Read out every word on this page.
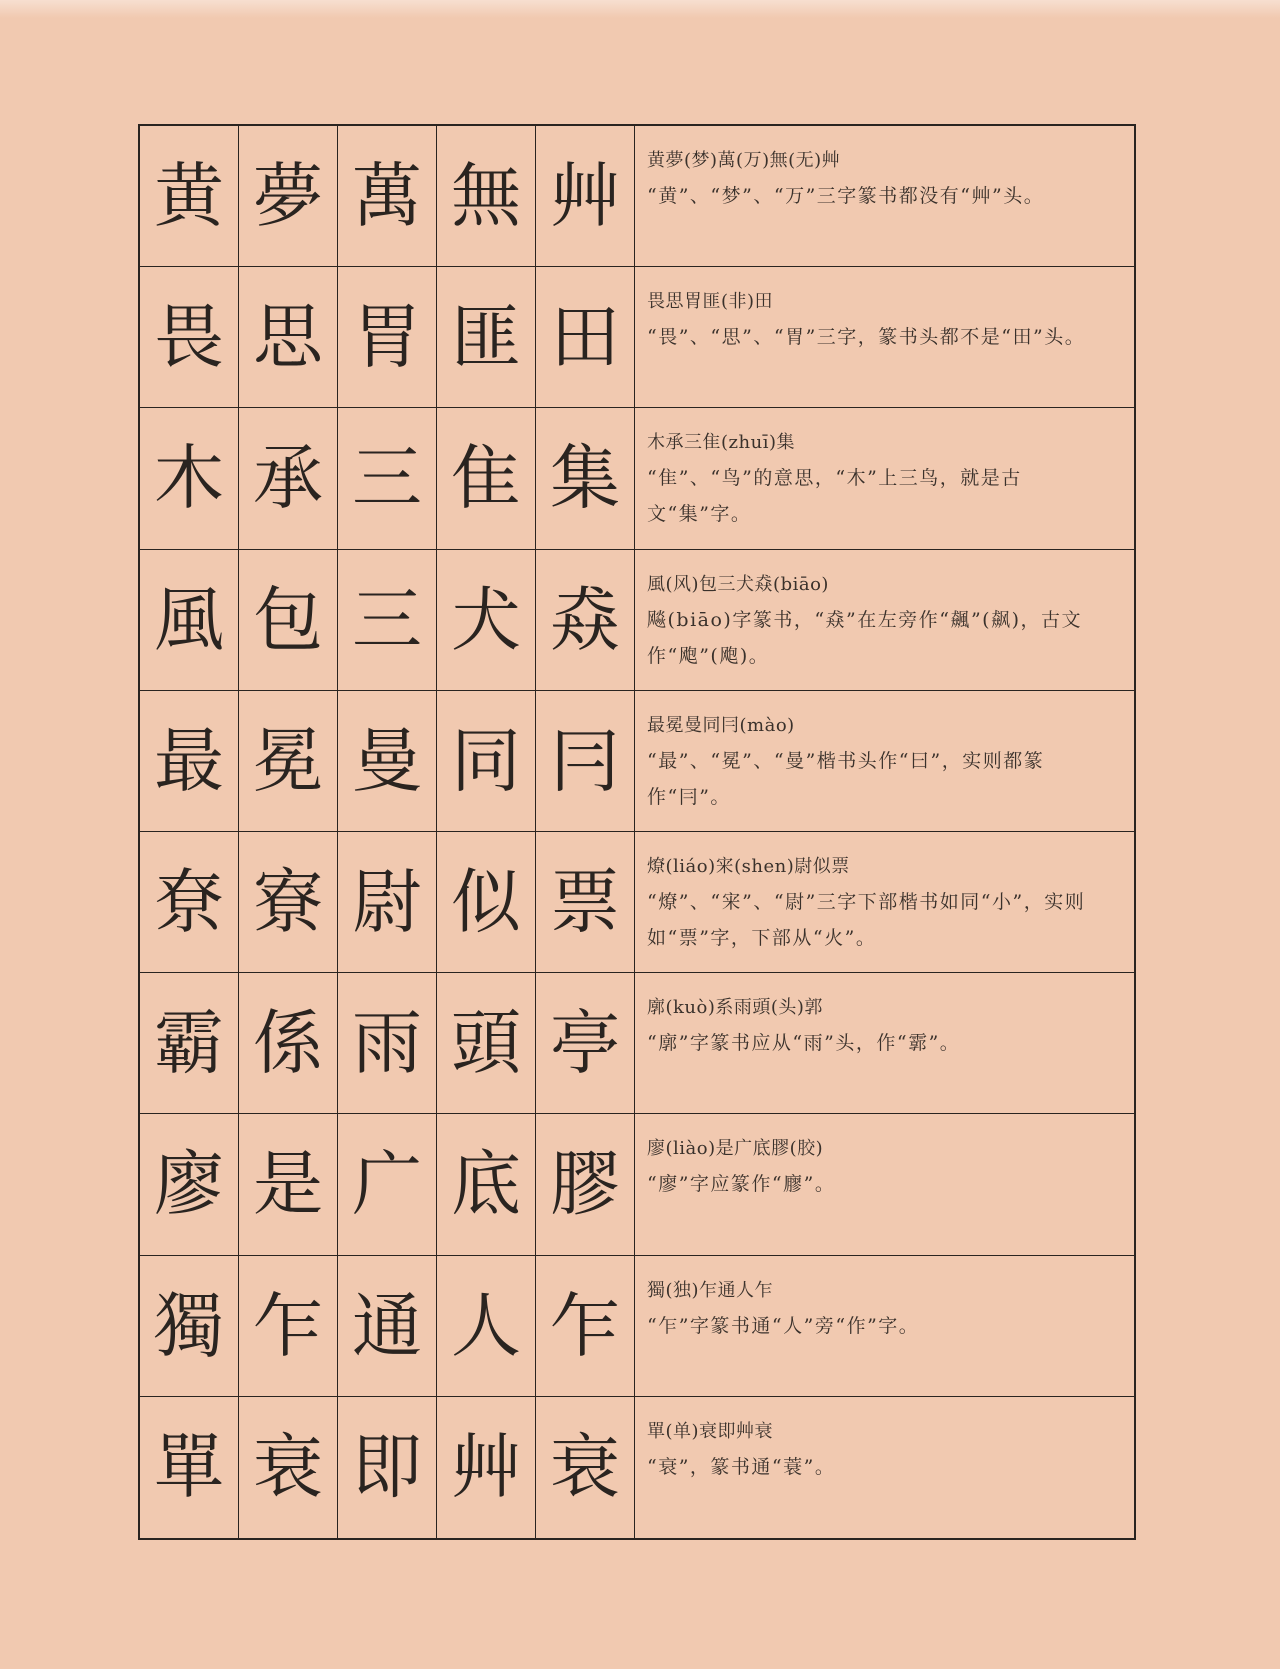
黄 夢 萬 無 艸	黄夢(梦)萬(万)無(无)艸
“黄”、“梦”、“万”三字篆书都没有“艸”头。
畏 思 胃 匪 田	畏思胃匪(非)田
“畏”、“思”、“胃”三字，篆书头都不是“田”头。
木 承 三 隹 集	木承三隹(zhuī)集
“隹”、“鸟”的意思，“木”上三鸟，就是古文“集”字。
風 包 三 犬 猋	風(风)包三犬猋(biāo)
飚(biāo)字篆书，“猋”在左旁作“飆”(飙)，古文作“飑”(飑)。
最 冕 曼 同 冃	最冕曼同冃(mào)
“最”、“冕”、“曼”楷书头作“曰”，实则都篆作“冃”。
尞 寮 尉 似 票	燎(liáo)宩(shen)尉似票
“燎”、“宩”、“尉”三字下部楷书如同“小”，实则如“票”字，下部从“火”。
霸 係 雨 頭 亭	廓(kuò)系雨頭(头)郭
“廓”字篆书应从“雨”头，作“霩”。
廖 是 广 底 膠	廖(liào)是广底膠(胶)
“廖”字应篆作“廫”。
獨 乍 通 人 乍	獨(独)乍通人乍
“乍”字篆书通“人”旁“作”字。
單 衰 即 艸 衰	單(单)衰即艸衰
“衰”，篆书通“蓑”。
